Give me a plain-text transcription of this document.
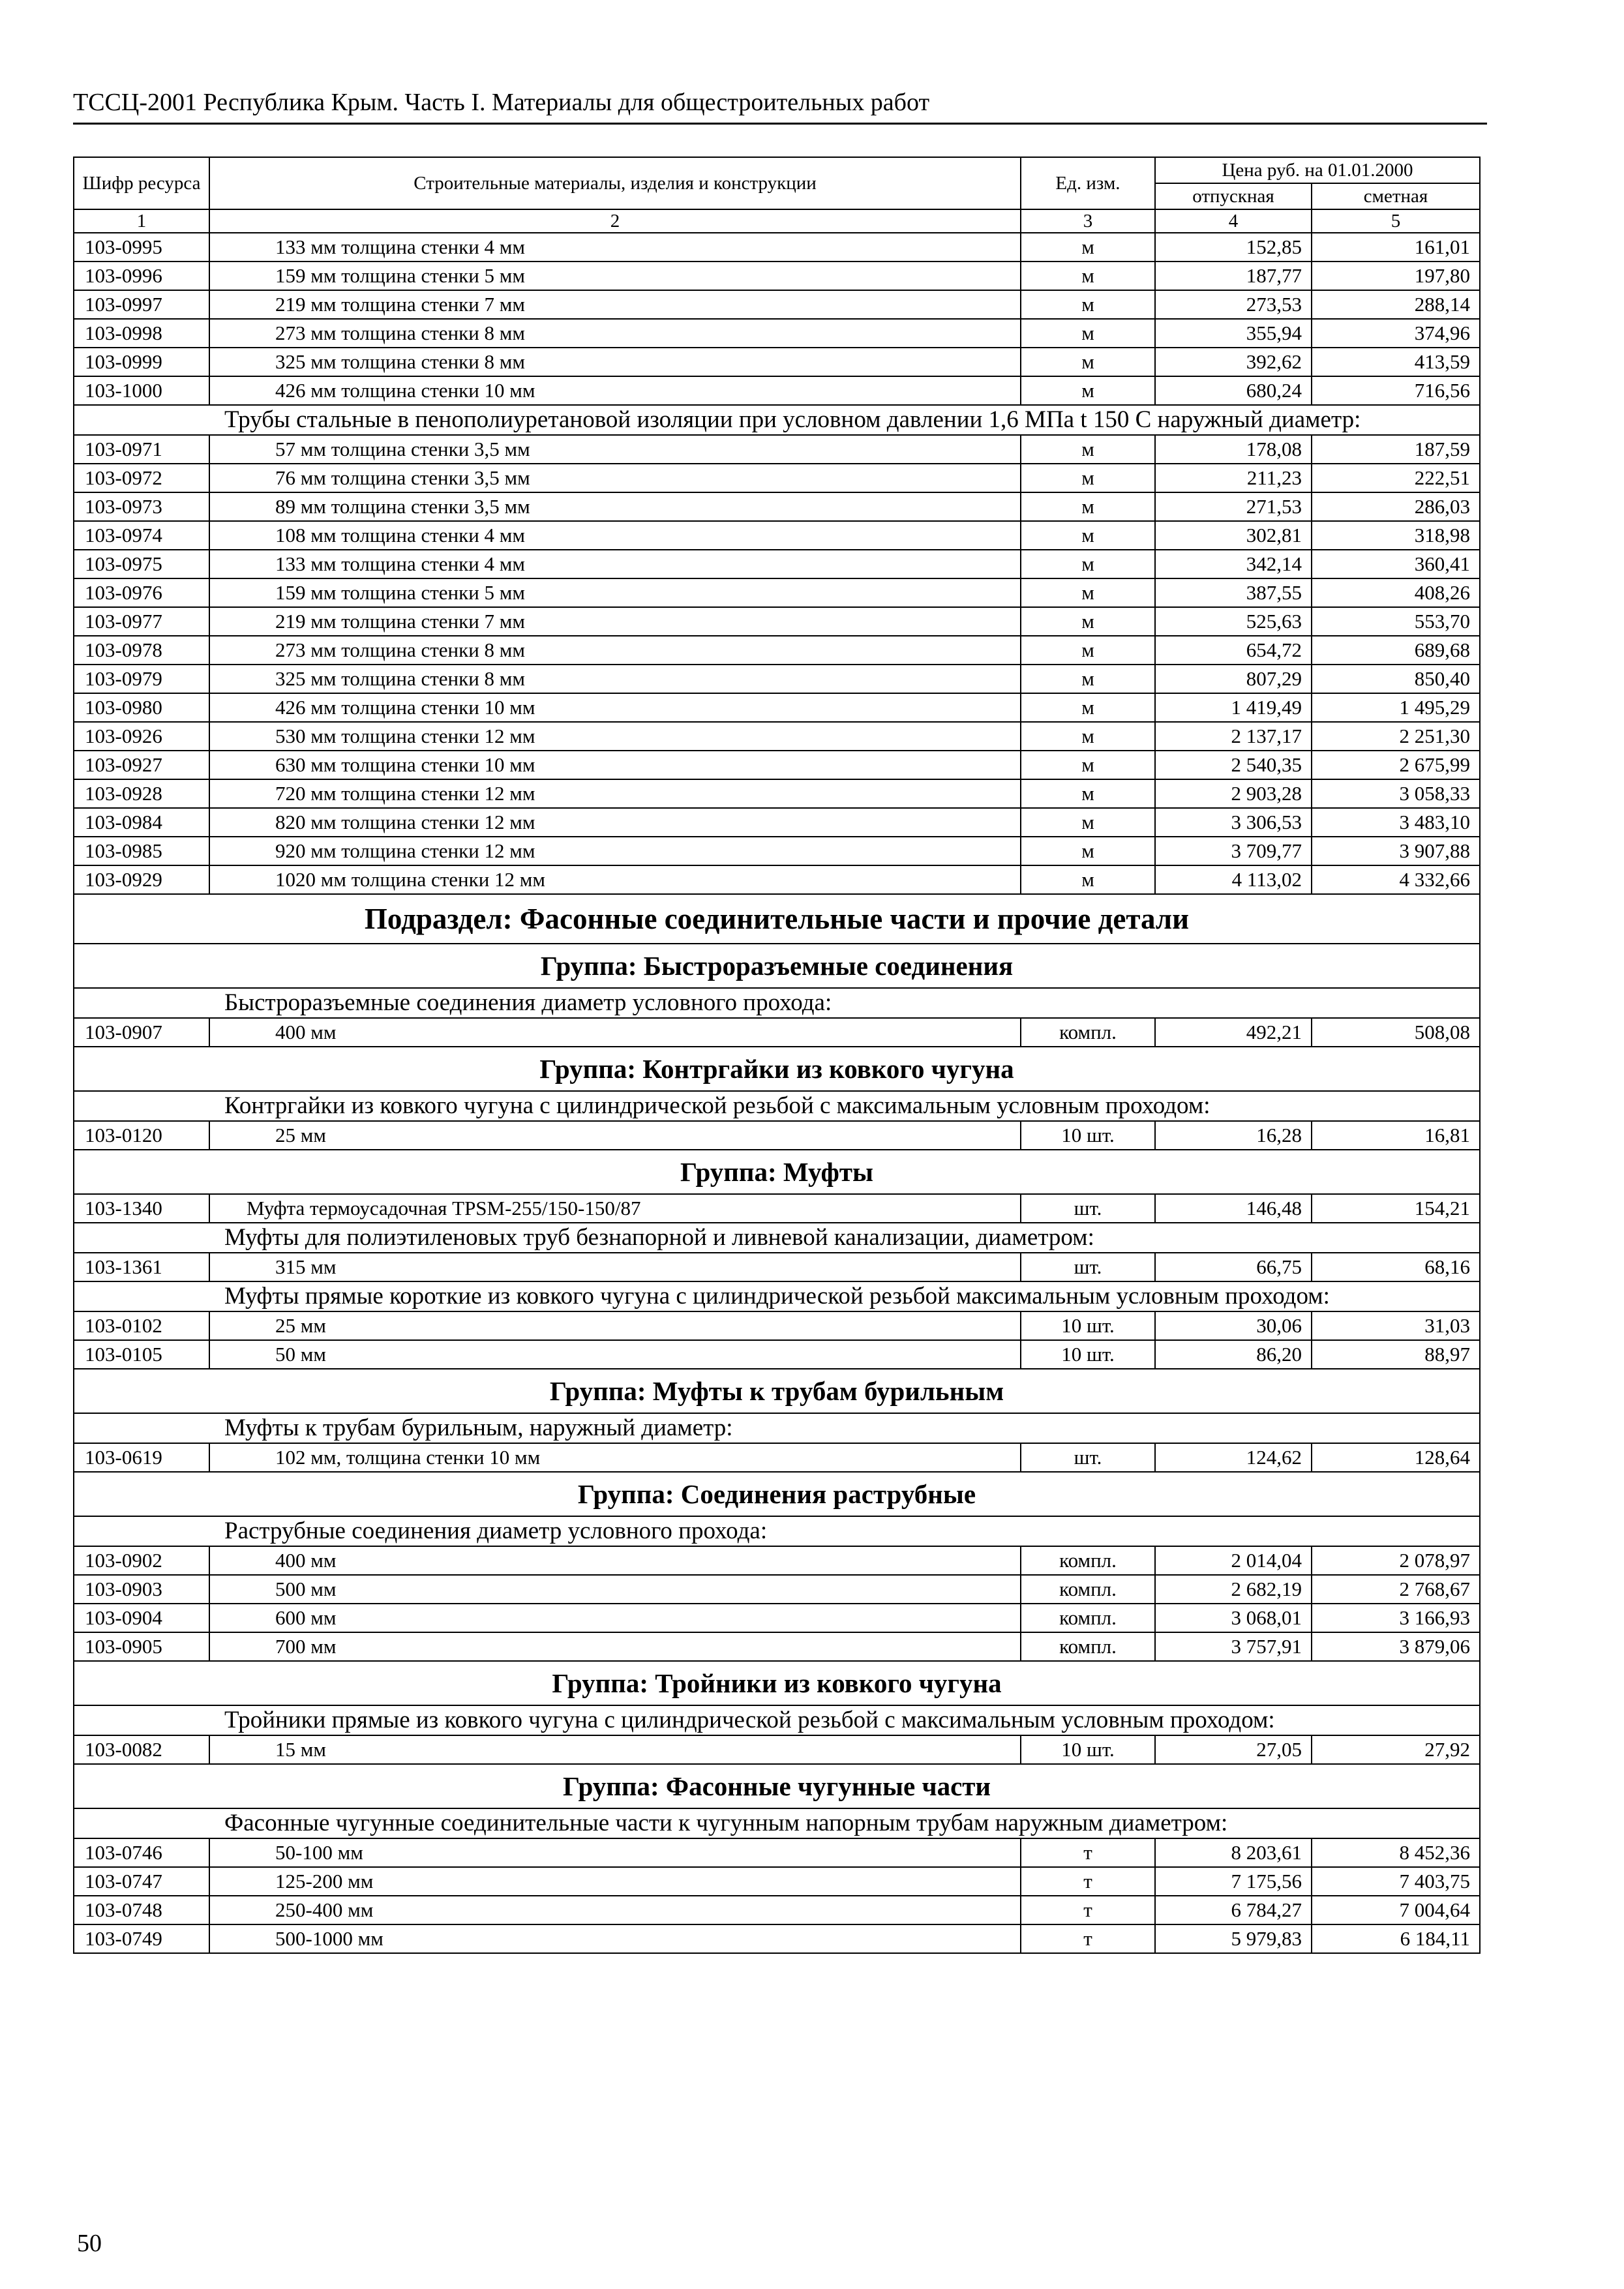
ТССЦ-2001 Республика Крым. Часть I. Материалы для общестроительных работ
Шифр ресурса	Строительные материалы, изделия и конструкции	Ед. изм.	Цена руб. на 01.01.2000	
			отпускная	сметная
1	2	3	4	5
103-0995	133 мм толщина стенки 4 мм	м	152,85	161,01
103-0996	159 мм толщина стенки 5 мм	м	187,77	197,80
103-0997	219 мм толщина стенки 7 мм	м	273,53	288,14
103-0998	273 мм толщина стенки 8 мм	м	355,94	374,96
103-0999	325 мм толщина стенки 8 мм	м	392,62	413,59
103-1000	426 мм толщина стенки 10 мм	м	680,24	716,56
Трубы стальные в пенополиуретановой изоляции при условном давлении 1,6 МПа t 150 С наружный диаметр:				
103-0971	57 мм толщина стенки 3,5 мм	м	178,08	187,59
103-0972	76 мм толщина стенки 3,5 мм	м	211,23	222,51
103-0973	89 мм толщина стенки 3,5 мм	м	271,53	286,03
103-0974	108 мм толщина стенки 4 мм	м	302,81	318,98
103-0975	133 мм толщина стенки 4 мм	м	342,14	360,41
103-0976	159 мм толщина стенки 5 мм	м	387,55	408,26
103-0977	219 мм толщина стенки 7 мм	м	525,63	553,70
103-0978	273 мм толщина стенки 8 мм	м	654,72	689,68
103-0979	325 мм толщина стенки 8 мм	м	807,29	850,40
103-0980	426 мм толщина стенки 10 мм	м	1 419,49	1 495,29
103-0926	530 мм толщина стенки 12 мм	м	2 137,17	2 251,30
103-0927	630 мм толщина стенки 10 мм	м	2 540,35	2 675,99
103-0928	720 мм толщина стенки 12 мм	м	2 903,28	3 058,33
103-0984	820 мм толщина стенки 12 мм	м	3 306,53	3 483,10
103-0985	920 мм толщина стенки 12 мм	м	3 709,77	3 907,88
103-0929	1020 мм толщина стенки 12 мм	м	4 113,02	4 332,66
Подраздел: Фасонные соединительные части и прочие детали				
Группа: Быстроразъемные соединения				
Быстроразъемные соединения диаметр условного прохода:				
103-0907	400 мм	компл.	492,21	508,08
Группа: Контргайки из ковкого чугуна				
Контргайки из ковкого чугуна с цилиндрической резьбой с максимальным условным проходом:				
103-0120	25 мм	10 шт.	16,28	16,81
Группа: Муфты				
103-1340	Муфта термоусадочная TPSM-255/150-150/87	шт.	146,48	154,21
Муфты для полиэтиленовых труб безнапорной и ливневой канализации, диаметром:				
103-1361	315 мм	шт.	66,75	68,16
Муфты прямые короткие из ковкого чугуна с цилиндрической резьбой максимальным условным проходом:				
103-0102	25 мм	10 шт.	30,06	31,03
103-0105	50 мм	10 шт.	86,20	88,97
Группа: Муфты к трубам бурильным				
Муфты к трубам бурильным, наружный диаметр:				
103-0619	102 мм, толщина стенки 10 мм	шт.	124,62	128,64
Группа: Соединения раструбные				
Раструбные соединения диаметр условного прохода:				
103-0902	400 мм	компл.	2 014,04	2 078,97
103-0903	500 мм	компл.	2 682,19	2 768,67
103-0904	600 мм	компл.	3 068,01	3 166,93
103-0905	700 мм	компл.	3 757,91	3 879,06
Группа: Тройники из ковкого чугуна				
Тройники прямые из ковкого чугуна с цилиндрической резьбой с максимальным условным проходом:				
103-0082	15 мм	10 шт.	27,05	27,92
Группа: Фасонные чугунные части				
Фасонные чугунные соединительные части к чугунным напорным трубам наружным диаметром:				
103-0746	50-100 мм	т	8 203,61	8 452,36
103-0747	125-200 мм	т	7 175,56	7 403,75
103-0748	250-400 мм	т	6 784,27	7 004,64
103-0749	500-1000 мм	т	5 979,83	6 184,11
50
